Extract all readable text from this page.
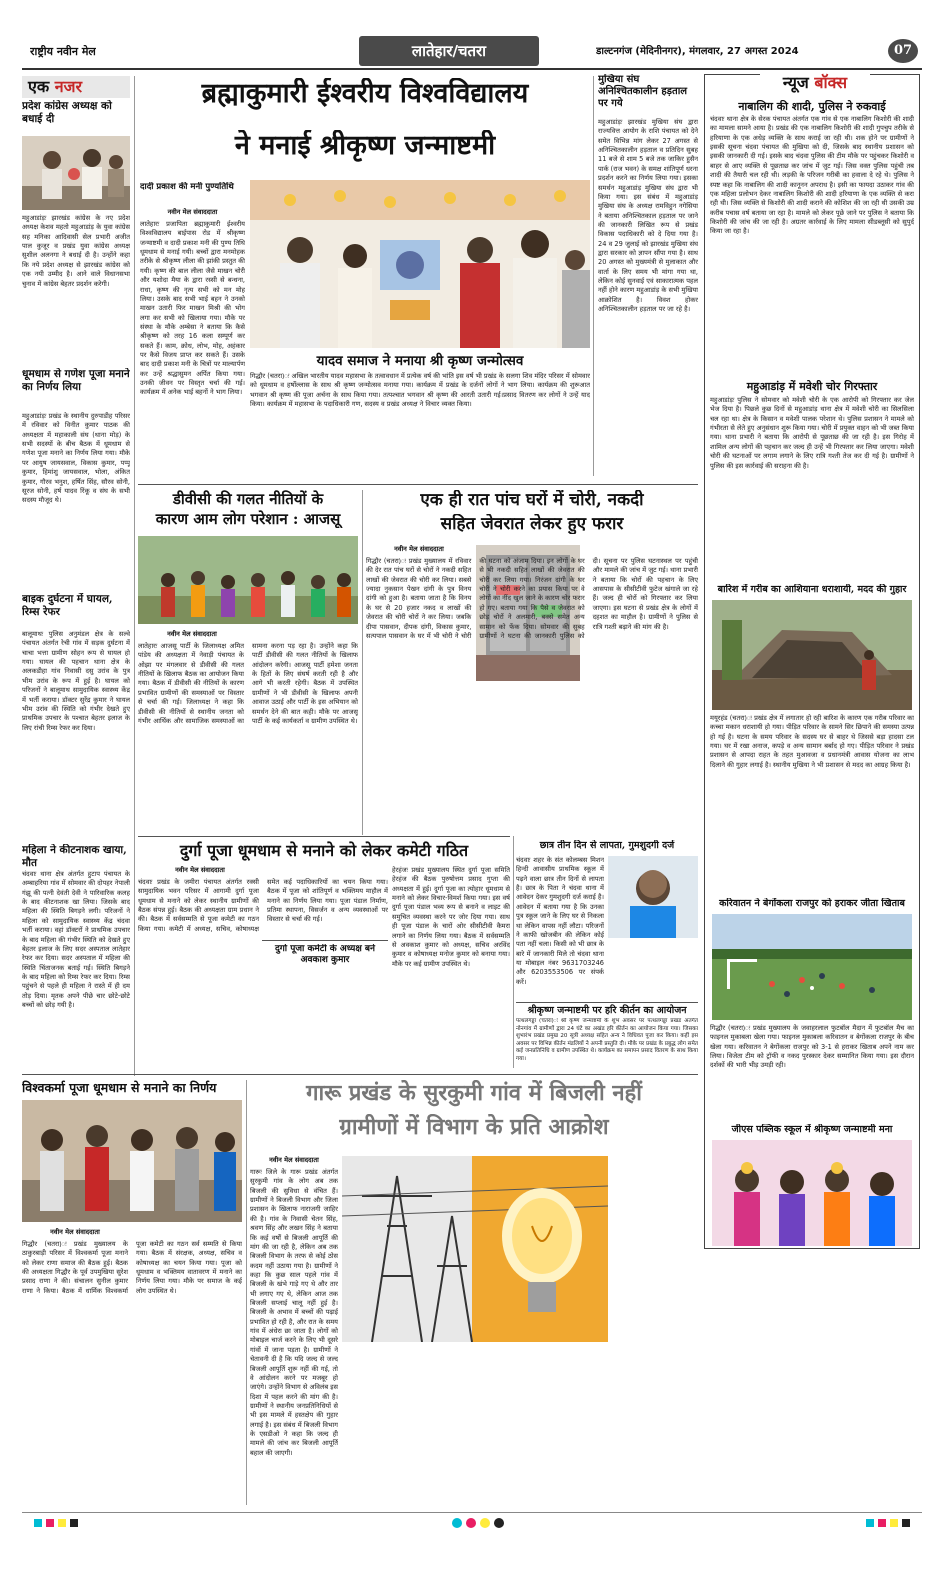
राष्ट्रीय नवीन मेल	लातेहार/चतरा	डाल्टनगंज (मेदिनीनगर), मंगलवार, 27 अगस्त 2024	07
एक नजर
प्रदेश कांग्रेस अध्यक्ष को बधाई दी
महुआडांड़ः झारखंड कांग्रेस के नए प्रदेश अध्यक्ष केशव महतो महुआडांड़ के युवा कांग्रेस सह मनिका आदिवासी सेल प्रभारी अजीत पाल कुजूर व प्रखंड युवा कांग्रेस अध्यक्ष सुशील अलनगा ने बधाई दी है। उन्होंने कहा कि नये प्रदेश अध्यक्ष से झारखंड कांग्रेस को एक नयी उम्मीद है। आने वाले विधानसभा चुनाव में कांग्रेस बेहतर प्रदर्शन करेगी।
धूमधाम से गणेश पूजा मनाने का निर्णय लिया
महुआडांड़ः प्रखंड के स्थानीय दुरुपाडीह परिसर में रविवार को विनीत कुमार पाठक की अध्यक्षता में महाकाली संघ (थाना मोड़) के सभी सदस्यों के बीच बैठक में धूमधाम से गणेश पूजा मनाने का निर्णय लिया गया। मौके पर आयुष जायसवाल, विकास कुमार, पप्पू कुमार, हिमांशु जायसवाल, भोला, अंकित कुमार, गौरव भनुश, हर्षित सिंह, सौरव सोनी, सूरज सोनी, हर्ष यादव रिंकू व संघ के सभी सदस्य मौजूद थे।
बाइक दुर्घटना में घायल, रिम्स रेफर
बालूमाथः पुलिस अनुमंडल क्षेत्र के सल्वे पंचायत अंतर्गत रेची गांव में सड़क दुर्घटना में चाचा भत्ता ग्रामीण सोहन रूप से घायल हो गया। घायल की पहचान थाना क्षेत्र के अलकडीहा गांव निवासी दसु उरांव के पुत्र भीम उरांव के रूप में हुई है। घायल को परिजनों ने बालूमाथ सामुदायिक स्वास्थ्य केंद्र में भर्ती कराया। डॉक्टर सुरेंद्र कुमार ने घायल भीम उरांव की स्थिति को गंभीर देखते हुए प्राथमिक उपचार के पश्चात बेहतर इलाज के लिए रांची रिम्स रेफर कर दिया।
महिला ने कीटनाशक खाया, मौत
चंदवाः थाना क्षेत्र अंतर्गत हुटाप पंचायत के अम्बाहरिया गांव में सोमवार की दोपहर नेपाली गंझू की पत्नी देवंती देवी ने पारिवारिक कलह के बाद कीटनाशक खा लिया। जिसके बाद महिला की स्थिति बिगड़ने लगी। परिजनों ने महिला को सामुदायिक स्वास्थ्य केंद्र चंदवा भर्ती कराया। वहां डॉक्टरों ने प्राथमिक उपचार के बाद महिला की गंभीर स्थिति को देखते हुए बेहतर इलाज के लिए सदर अस्पताल लातेहार रेफर कर दिया। सदर अस्पताल में महिला की स्थिति चिंताजनक बताई गई। स्थिति बिगड़ने के बाद महिला को रिम्स रेफर कर दिया। रिम्स पहुंचने से पहले ही महिला ने रास्ते में ही दम तोड़ दिया। मृतक अपने पीछे चार छोटे-छोटे बच्चों को छोड़ गयी है।
ब्रह्माकुमारी ईश्वरीय विश्वविद्यालय
ने मनाई श्रीकृष्ण जन्माष्टमी
दादी प्रकाश की मनी पुण्यतिथि
नवीन मेल संवाददाता
लातेहारः प्रजापिता ब्रह्माकुमारी ईश्वरीय विश्वविद्यालय बाईपास रोड में श्रीकृष्ण जन्माष्टमी व दादी प्रकाश मनी की पुण्य तिथि धूमधाम से मनाई गयी। बच्चों द्वारा मनमोहक तरीके से श्रीकृष्ण लीला की झांकी प्रस्तुत की गयी। कृष्ण की बाल लीला जैसे माखन चोरी और यशोदा मैया के द्वारा रस्सी से बन्धना, राधा, कृष्ण की नृत्य सभी को मन मोह लिया। उसके बाद सभी भाई बहन ने उनको माखन उतारी फिर माखन मिश्री की भोग लगा कर सभी को खिलाया गया। मौके पर संस्था के मौके अम्बेसा ने बताया कि कैसे श्रीकृष्ण को तरह 16 कला सम्पूर्ण कर सकते हैं। काम, क्रोध, लोभ, मोह, अहंकार पर कैसे विजय प्राप्त कर सकते हैं। उसके बाद दादी प्रकाश मनी के चित्रों पर माल्यार्पण कर उन्हें श्रद्धासुमन अर्पित किया गया। उनकी जीवन पर विस्तृत चर्चा की गई। कार्यक्रम में अनेक भाई बहनों ने भाग लिया।
यादव समाज ने मनाया श्री कृष्ण जन्मोत्सव
गिद्धौर (चतरा)ः अखिल भारतीय यादव महासभा के तत्वावधान में प्रत्येक वर्ष की भांति इस वर्ष भी प्रखंड के सलगा शिव मंदिर परिसर में सोमवार को धूमधाम व हर्षोल्लास के साथ श्री कृष्ण जन्मोत्सव मनाया गया। कार्यक्रम में प्रखंड के दर्जनों लोगों ने भाग लिया। कार्यक्रम की शुरूआत भगवान श्री कृष्ण की पूजा अर्चना के साथ किया गया। तत्पश्चात भगवान श्री कृष्ण की आरती उतारी गई।प्रसाद वितरण कर लोगों ने उन्हें याद किया। कार्यक्रम में महासभा के पदाधिकारी गण, सदस्य व प्रखंड अध्यक्ष ने विचार व्यक्त किया।
मुखिया संघ अनिश्चितकालीन हड़ताल पर गये
महुआडांड़ः झारखंड मुखिया संघ द्वारा राज्यवित्त आयोग के राशि पंचायत को देने समेत विभिन्न मांग लेकर 27 अगस्त से अनिश्चितकालीन हड़ताल व प्रतिदिन सुबह 11 बजे से शाम 5 बजे तक जाकिर हुसैन पार्क (राज भवन) के समक्ष शांतिपूर्ण धरना प्रदर्शन करने का निर्णय लिया गया। इसका समर्थन महुआडांड़ मुखिया संघ द्वारा भी किया गया। इस संबंध में महुआडांड़ मुखिया संघ के अध्यक्ष रामविहुन नगेसिया ने बताया अनिश्चितकाल हड़ताल पर जाने की जानकारी लिखित रूप से प्रखंड विकास पदाधिकारी को दे दिया गया है। 24 व 29 जुलाई को झारखंड मुखिया संघ द्वारा सरकार को ज्ञापन सौंपा गया है। साथ 20 अगस्त को मुख्यमंत्री से मुलाकात और वार्ता के लिए समय भी मांगा गया था, लेकिन कोई सुनवाई एवं साकारात्मक पहल नहीं होने कारण महुआडांड़ के सभी मुखिया आक्रोशित है। विवश होकर अनिश्चितकालीन हड़ताल पर जा रहे है।
न्यूज बॉक्स
नाबालिग की शादी, पुलिस ने रुकवाई
चंदवाः थाना क्षेत्र के सेरक पंचायत अंतर्गत एक गांव से एक नाबालिग किशोरी की शादी का मामला सामने आया है। प्रखंड की एक नाबालिग किशोरी की शादी गुपचुप तरीके से हरियाणा के एक अधेड़ व्यक्ति के साथ कराई जा रही थी। शक होने पर ग्रामीणों ने इसकी सूचना चंदवा पंचायत की मुखिया को दी, जिसके बाद स्थानीय प्रशासन को इसकी जानकारी दी गई। इसके बाद चंदवा पुलिस की टीम मौके पर पहुंचकर किशोरी व बाहर से आए व्यक्ति से पूछताछ कर जांच में जुट गई। जिस वक्त पुलिस पहुंची तब शादी की तैयारी चल रही थी। लड़की के परिजन गरीबी का हवाला दे रहे थे। पुलिस ने स्पष्ट कहा कि नाबालिग की शादी कानूनन अपराध है। इसी का फायदा उठाकर गांव की एक महिला प्रलोभन देकर नाबालिग किशोरी की शादी हरियाणा के एक व्यक्ति से करा रही थी। जिस व्यक्ति से किशोरी की शादी कराने की कोशिश की जा रही थी उसकी उम्र करीब पचास वर्ष बताया जा रहा है। मामले को लेकर पूछे जाने पर पुलिस ने बताया कि किशोरी की जांच की जा रही है। अग्रतर कार्रवाई के लिए मामला सीडब्लूसी को सुपुर्द किया जा रहा है।
महुआडांड़ में मवेशी चोर गिरफ्तार
महुआडांड़ः पुलिस ने सोमवार को मवेशी चोरी के एक आरोपी को गिरफ्तार कर जेल भेज दिया है। पिछले कुछ दिनों से महुआडांड़ थाना क्षेत्र में मवेशी चोरी का सिलसिला चल रहा था। क्षेत्र के किसान व मवेशी पालक परेशान थे। पुलिस प्रशासन ने मामले को गंभीरता से लेते हुए अनुसंधान शुरू किया गया। चोरी में प्रयुक्त वाहन को भी जब्त किया गया। थाना प्रभारी ने बताया कि आरोपी से पूछताछ की जा रही है। इस गिरोह में शामिल अन्य लोगों की पहचान कर जल्द ही उन्हें भी गिरफ्तार कर लिया जाएगा। मवेशी चोरी की घटनाओं पर लगाम लगाने के लिए रात्रि गश्ती तेज कर दी गई है। ग्रामीणों ने पुलिस की इस कार्रवाई की सराहना की है।
बारिश में गरीब का आशियाना धराशायी, मदद की गुहार
मयूरहंड (चतरा)ः प्रखंड क्षेत्र में लगातार हो रही बारिश के कारण एक गरीब परिवार का कच्चा मकान धराशायी हो गया। पीड़ित परिवार के सामने सिर छिपाने की समस्या उत्पन्न हो गई है। घटना के समय परिवार के सदस्य घर से बाहर थे जिससे बड़ा हादसा टल गया। घर में रखा अनाज, कपड़े व अन्य सामान बर्बाद हो गए। पीड़ित परिवार ने प्रखंड प्रशासन से आपदा राहत के तहत मुआवजा व प्रधानमंत्री आवास योजना का लाभ दिलाने की गुहार लगाई है। स्थानीय मुखिया ने भी प्रशासन से मदद का आग्रह किया है।
करिवातन ने बेगोंकला राजपुर को हराकर जीता खिताब
गिद्धौर (चतरा)ः प्रखंड मुख्यालय के जवाहरलाल फुटबॉल मैदान में फुटबॉल मैच का फाइनल मुकाबला खेला गया। फाइनल मुकाबला करिवातन व बेगोंकला राजपुर के बीच खेला गया। करिवातन ने बेगोंकला राजपुर को 3-1 से हराकर खिताब अपने नाम कर लिया। विजेता टीम को ट्रॉफी व नकद पुरस्कार देकर सम्मानित किया गया। इस दौरान दर्शकों की भारी भीड़ उमड़ी रही।
जीएस पब्लिक स्कूल में श्रीकृष्ण जन्माष्टमी मना
डीवीसी की गलत नीतियों के
कारण आम लोग परेशान : आजसू
नवीन मेल संवाददाता
लातेहारः आजसू पार्टी के जिलाध्यक्ष अमित पांडेय की अध्यक्षता में नेवाड़ी पंचायत के ओझा पर मंगलवार से डीवीसी की गलत नीतियों के खिलाफ बैठक का आयोजन किया गया। बैठक में डीवीसी की नीतियों के कारण प्रभावित ग्रामीणों की समस्याओं पर विस्तार से चर्चा की गई। जिलाध्यक्ष ने कहा कि डीवीसी की नीतियों से स्थानीय जनता को गंभीर आर्थिक और सामाजिक समस्याओं का सामना करना पड़ रहा है। उन्होंने कहा कि पार्टी डीवीसी की गलत नीतियों के खिलाफ आंदोलन करेगी। आजसू पार्टी हमेशा जनता के हितों के लिए संघर्ष करती रही है और आगे भी करती रहेगी। बैठक में उपस्थित ग्रामीणों ने भी डीवीसी के खिलाफ अपनी आवाज उठाई और पार्टी के इस अभियान को समर्थन देने की बात कही। मौके पर आजसू पार्टी के कई कार्यकर्ता व ग्रामीण उपस्थित थे।
एक ही रात पांच घरों में चोरी, नकदी
सहित जेवरात लेकर हुए फरार
नवीन मेल संवाददाता
गिद्धौर (चतरा)ः प्रखंड मुख्यालय में रविवार की देर रात पांच घरों से चोरों ने नकदी सहित लाखों की जेवरात की चोरी कर लिया। सबसे ज्यादा नुकसान पेखन दांगी के पुत्र विनय दांगी को हुआ है। बताया जाता है कि विनय के घर से 20 हजार नकद व लाखों की जेवरात की चोरी चोरों ने कर लिया। जबकि दीपा पासवान, दीपक दांगी, विकास कुमार, सत्यपाल पासवान के घर में भी चोरी ने चोरी की घटना को अंजाम दिया। इन लोगों के घर से भी नकदी सहित लाखों की जेवरात की चोरी कर लिया गया। निरंजन दांगी के घर चोरी ने चोरी करने का प्रयास किया पर वे लोगों का नींद खुल जाने के कारण चोर फरार हो गए। बताया गया कि पैसे व जेवरात को छोड़ चोरों ने अलमारी, बक्से समेत अन्य सामान को फेंक दिया। सोमवार की सुबह ग्रामीणों ने घटना की जानकारी पुलिस को दी। सूचना पर पुलिस घटनास्थल पर पहुंची और मामले की जांच में जुट गई। थाना प्रभारी ने बताया कि चोरों की पहचान के लिए आसपास के सीसीटीवी फुटेज खंगाले जा रहे हैं। जल्द ही चोरों को गिरफ्तार कर लिया जाएगा। इस घटना से प्रखंड क्षेत्र के लोगों में दहशत का माहौल है। ग्रामीणों ने पुलिस से रात्रि गश्ती बढ़ाने की मांग की है।
दुर्गा पूजा धूमधाम से मनाने को लेकर कमेटी गठित
नवीन मेल संवाददाता
चंदवाः प्रखंड के जमीरा पंचायत अंतर्गत रक्सी सामुदायिक भवन परिसर में आगामी दुर्गा पूजा धूमधाम से मनाने को लेकर स्थानीय ग्रामीणों की बैठक संपन्न हुई। बैठक की अध्यक्षता ग्राम प्रधान ने की। बैठक में सर्वसम्मति से पूजा कमेटी का गठन किया गया। कमेटी में अध्यक्ष, सचिव, कोषाध्यक्ष समेत कई पदाधिकारियों का चयन किया गया। बैठक में पूजा को शांतिपूर्ण व भक्तिमय माहौल में मनाने का निर्णय लिया गया। पूजा पंडाल निर्माण, प्रतिमा स्थापना, विसर्जन व अन्य व्यवस्थाओं पर विस्तार से चर्चा की गई।
दुर्गा पूजा कमेटी के अध्यक्ष बने अवकाश कुमार
हेरहंजः प्रखंड मुख्यालय स्थित दुर्गा पूजा समिति हेरहंज की बैठक पुरुषोत्तम प्रसाद गुप्ता की अध्यक्षता में हुई। दुर्गा पूजा का त्योहार धूमधाम से मनाने को लेकर विचार-विमर्श किया गया। इस वर्ष दुर्गा पूजा पंडाल भव्य रूप से बनाने व लाइट की समुचित व्यवस्था करने पर जोर दिया गया। साथ ही पूजा पंडाल के चारों ओर सीसीटीवी कैमरा लगाने का निर्णय लिया गया। बैठक में सर्वसम्मति से अवकाश कुमार को अध्यक्ष, सचिव अरविंद कुमार व कोषाध्यक्ष मनोज कुमार को बनाया गया। मौके पर कई ग्रामीण उपस्थित थे।
छात्र तीन दिन से लापता, गुमशुदगी दर्ज
चंदवाः शहर के संत कोलम्बस मिशन हिन्दी आवासीय प्राथमिक स्कूल में पढ़ने वाला छात्र तीन दिनों से लापता है। छात्र के पिता ने चंदवा थाना में आवेदन देकर गुमशुदगी दर्ज कराई है। आवेदन में बताया गया है कि उनका पुत्र स्कूल जाने के लिए घर से निकला था लेकिन वापस नहीं लौटा। परिजनों ने काफी खोजबीन की लेकिन कोई पता नहीं चला। किसी को भी छात्र के बारे में जानकारी मिले तो चंदवा थाना या मोबाइल नंबर 9631703246 और 6203553506 पर संपर्क करें।
श्रीकृष्ण जन्माष्टमी पर हरि कीर्तन का आयोजन
पत्थलगड्डा (चतरा)ः श्री कृष्ण जन्माष्टमी के शुभ अवसर पर पत्थलगड्डा प्रखंड अंतर्गत नोनगांव में ग्रामीणों द्वारा 24 घंटे का अखंड हरि कीर्तन का आयोजन किया गया। जिसका शुभारंभ प्रखंड प्रमुख 20 सूत्री अध्यक्ष सहित अन्य ने विधिवत पूजा कर किया। कहीं इस अवसर पर विभिन्न कीर्तन मंडलियों ने अपनी प्रस्तुति दी। मौके पर प्रखंड के प्रबुद्ध लोग समेत कई जनप्रतिनिधि व ग्रामीण उपस्थित थे। कार्यक्रम का समापन प्रसाद वितरण के साथ किया गया।
विश्वकर्मा पूजा धूमधाम से मनाने का निर्णय
नवीन मेल संवाददाता
गिद्धौर (चतरा)ः प्रखंड मुख्यालय के ठाकुरबाड़ी परिसर में विश्वकर्मा पूजा मनाने को लेकर राणा समाज की बैठक हुई। बैठक की अध्यक्षता गिद्धौर के पूर्व उपमुखिया सुरेश प्रसाद राणा ने की। संचालन सुनील कुमार राणा ने किया। बैठक में धार्मिक विश्वकर्मा पूजा कमेटी का गठन सर्व सम्मति से किया गया। बैठक में संरक्षक, अध्यक्ष, सचिव व कोषाध्यक्ष का चयन किया गया। पूजा को धूमधाम व भक्तिमय वातावरण में मनाने का निर्णय लिया गया। मौके पर समाज के कई लोग उपस्थित थे।
गारू प्रखंड के सुरकुमी गांव में बिजली नहीं
ग्रामीणों में विभाग के प्रति आक्रोश
नवीन मेल संवाददाता
गारूः जिले के गारू प्रखंड अंतर्गत सुरकुमी गांव के लोग अब तक बिजली की सुविधा से वंचित हैं। ग्रामीणों ने बिजली विभाग और जिला प्रशासन के खिलाफ नाराजगी जाहिर की है। गांव के निवासी चेतन सिंह, श्रवण सिंह और लखन सिंह ने बताया कि कई वर्षों से बिजली आपूर्ति की मांग की जा रही है, लेकिन अब तक बिजली विभाग के तरफ से कोई ठोस कदम नहीं उठाया गया है। ग्रामीणों ने कहा कि कुछ साल पहले गांव में बिजली के खंभे गाड़े गए थे और तार भी लगाए गए थे, लेकिन आज तक बिजली सप्लाई चालू नहीं हुई है। बिजली के अभाव में बच्चों की पढ़ाई प्रभावित हो रही है, और रात के समय गांव में अंधेरा छा जाता है। लोगों को मोबाइल चार्ज करने के लिए भी दूसरे गांवों में जाना पड़ता है। ग्रामीणों ने चेतावनी दी है कि यदि जल्द से जल्द बिजली आपूर्ति शुरू नहीं की गई, तो वे आंदोलन करने पर मजबूर हो जाएंगे। उन्होंने विभाग से अविलंब इस दिशा में पहल करने की मांग की है। ग्रामीणों ने स्थानीय जनप्रतिनिधियों से भी इस मामले में हस्तक्षेप की गुहार लगाई है। इस संबंध में बिजली विभाग के एसडीओ ने कहा कि जल्द ही मामले की जांच कर बिजली आपूर्ति बहाल की जाएगी।
